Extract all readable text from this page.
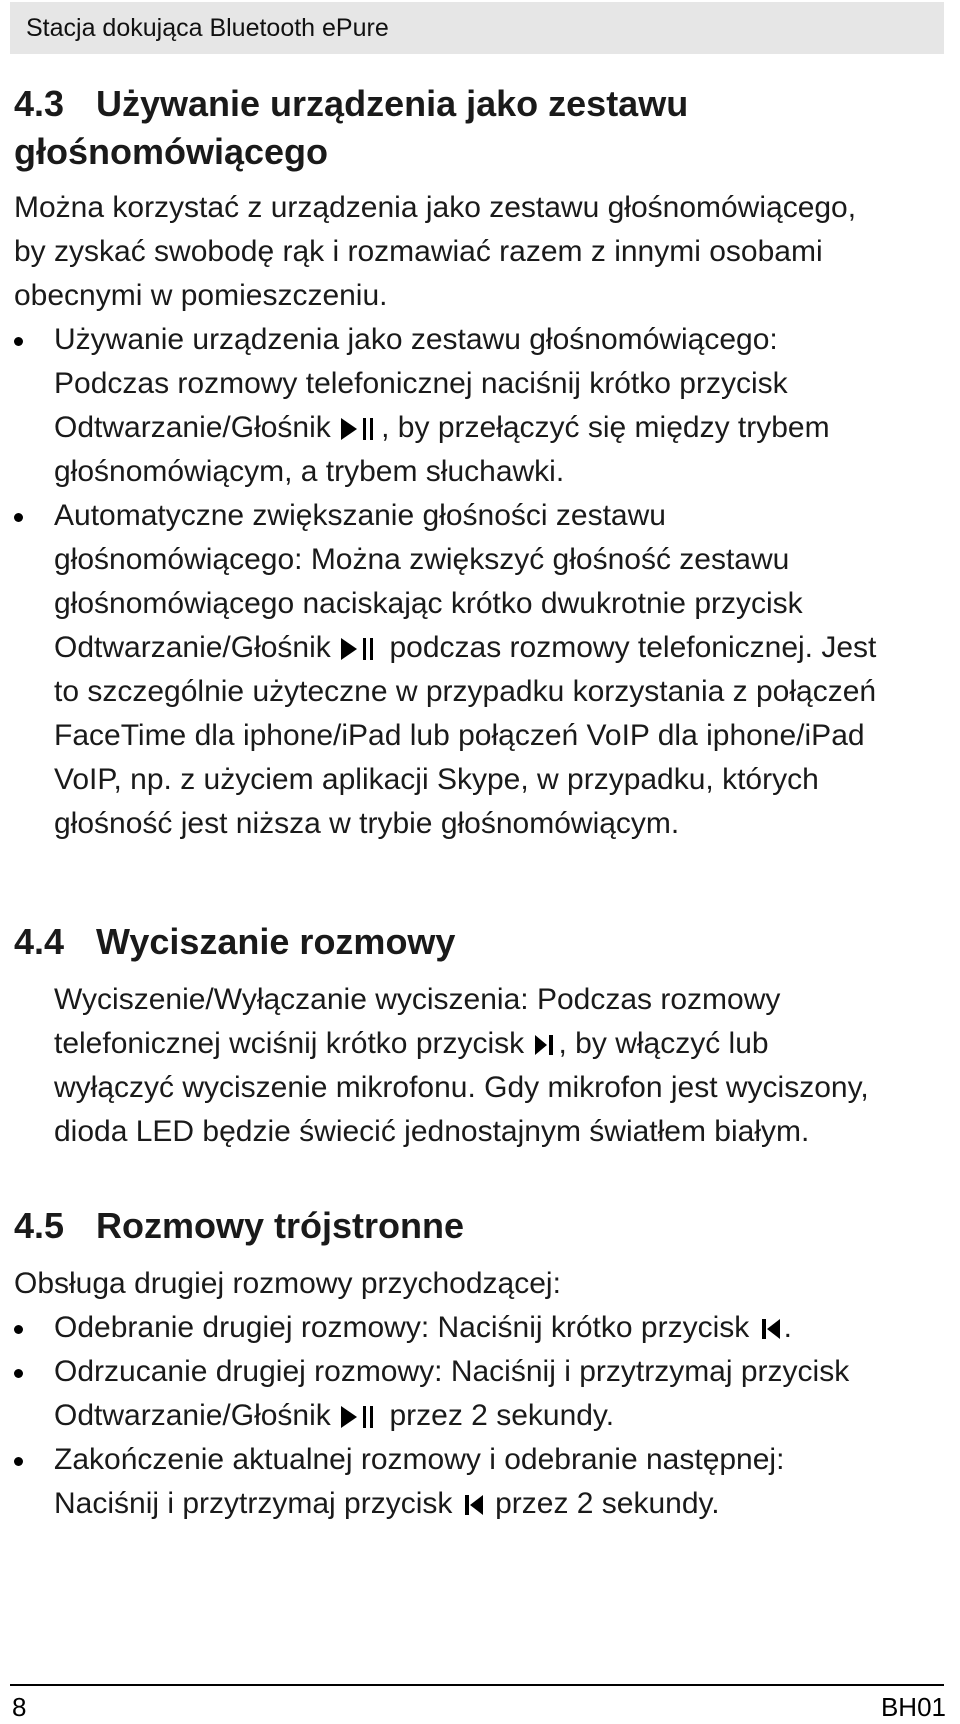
Stacja dokująca Bluetooth ePure
4.3 Używanie urządzenia jako zestawu
głośnomówiącego

Można korzystać z urządzenia jako zestawu głośnomówiącego, by zyskać swobodę rąk i rozmawiać razem z innymi osobami obecnymi w pomieszczeniu.

Używanie urządzenia jako zestawu głośnomówiącego: Podczas rozmowy telefonicznej naciśnij krótko przycisk Odtwarzanie/Głośnik , by przełączyć się między trybem głośnomówiącym, a trybem słuchawki.
Automatyczne zwiększanie głośności zestawu głośnomówiącego: Można zwiększyć głośność zestawu głośnomówiącego naciskając krótko dwukrotnie przycisk Odtwarzanie/Głośnik podczas rozmowy telefonicznej. Jest to szczególnie użyteczne w przypadku korzystania z połączeń FaceTime dla iphone/iPad lub połączeń VoIP dla iphone/iPad VoIP, np. z użyciem aplikacji Skype, w przypadku, których głośność jest niższa w trybie głośnomówiącym.
4.4 Wyciszanie rozmowy

Wyciszenie/Wyłączanie wyciszenia: Podczas rozmowy telefonicznej wciśnij krótko przycisk , by włączyć lub wyłączyć wyciszenie mikrofonu. Gdy mikrofon jest wyciszony, dioda LED będzie świecić jednostajnym światłem białym.

4.5 Rozmowy trójstronne

Obsługa drugiej rozmowy przychodzącej:

Odebranie drugiej rozmowy: Naciśnij krótko przycisk .
Odrzucanie drugiej rozmowy: Naciśnij i przytrzymaj przycisk Odtwarzanie/Głośnik przez 2 sekundy.
Zakończenie aktualnej rozmowy i odebranie następnej: Naciśnij i przytrzymaj przycisk przez 2 sekundy.
8	BH01
